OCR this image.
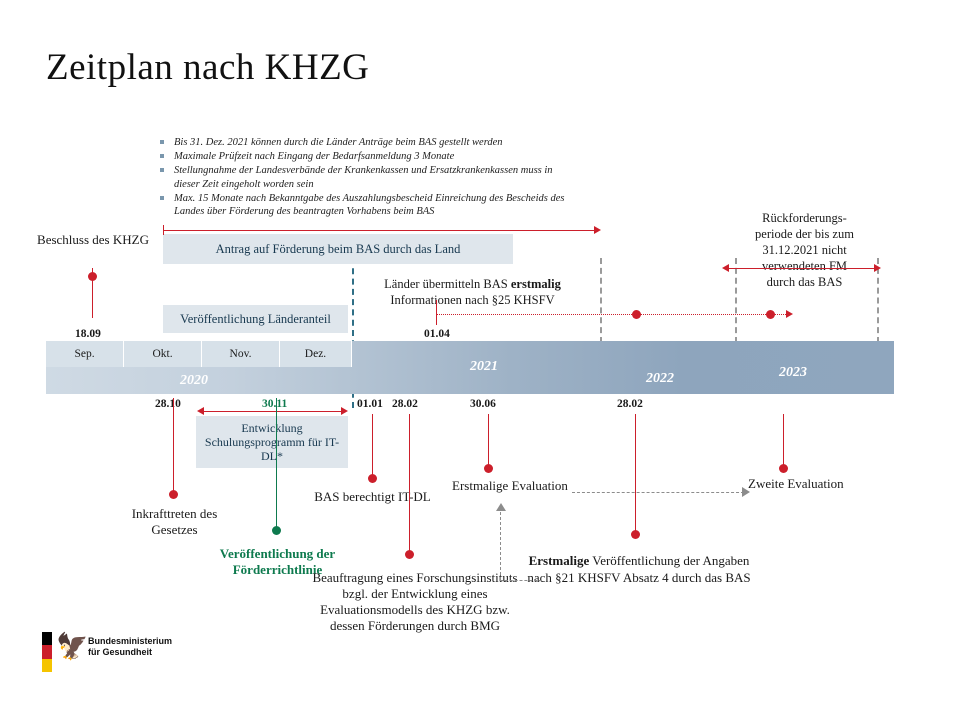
Zeitplan nach KHZG
Bis 31. Dez. 2021 können durch die Länder Anträge beim BAS gestellt werden
Maximale Prüfzeit nach Eingang der Bedarfsanmeldung 3 Monate
Stellungnahme der Landesverbände der Krankenkassen und Ersatzkrankenkassen muss in dieser Zeit eingeholt worden sein
Max. 15 Monate nach Bekanntgabe des Auszahlungsbescheid Einreichung des Bescheids des Landes über Förderung des beantragten Vorhabens beim BAS
Antrag auf Förderung beim BAS durch das Land
Veröffentlichung Länderanteil
Länder übermitteln BAS erstmalig
Informationen nach §25 KHSFV
Beschluss des KHZG
18.09	01.04
Rückforderungs-
periode der bis zum
31.12.2021 nicht
verwendeten FM
durch das BAS
Sep.	Okt.	Nov.	Dez.
2020
2021
2022	2023
28.10	30.11	01.01 28.02	30.06	28.02
Entwicklung Schulungsprogramm für IT-DL*
Inkrafttreten des Gesetzes
Veröffentlichung der Förderrichtlinie
BAS berechtigt IT-DL
Beauftragung eines Forschungsinstituts bzgl. der Entwicklung eines Evaluationsmodells des KHZG bzw. dessen Förderungen durch BMG
Erstmalige Evaluation
Erstmalige Veröffentlichung der Angaben nach §21 KHSFV Absatz 4 durch das BAS
Zweite Evaluation
🦅 Bundesministerium
für Gesundheit
